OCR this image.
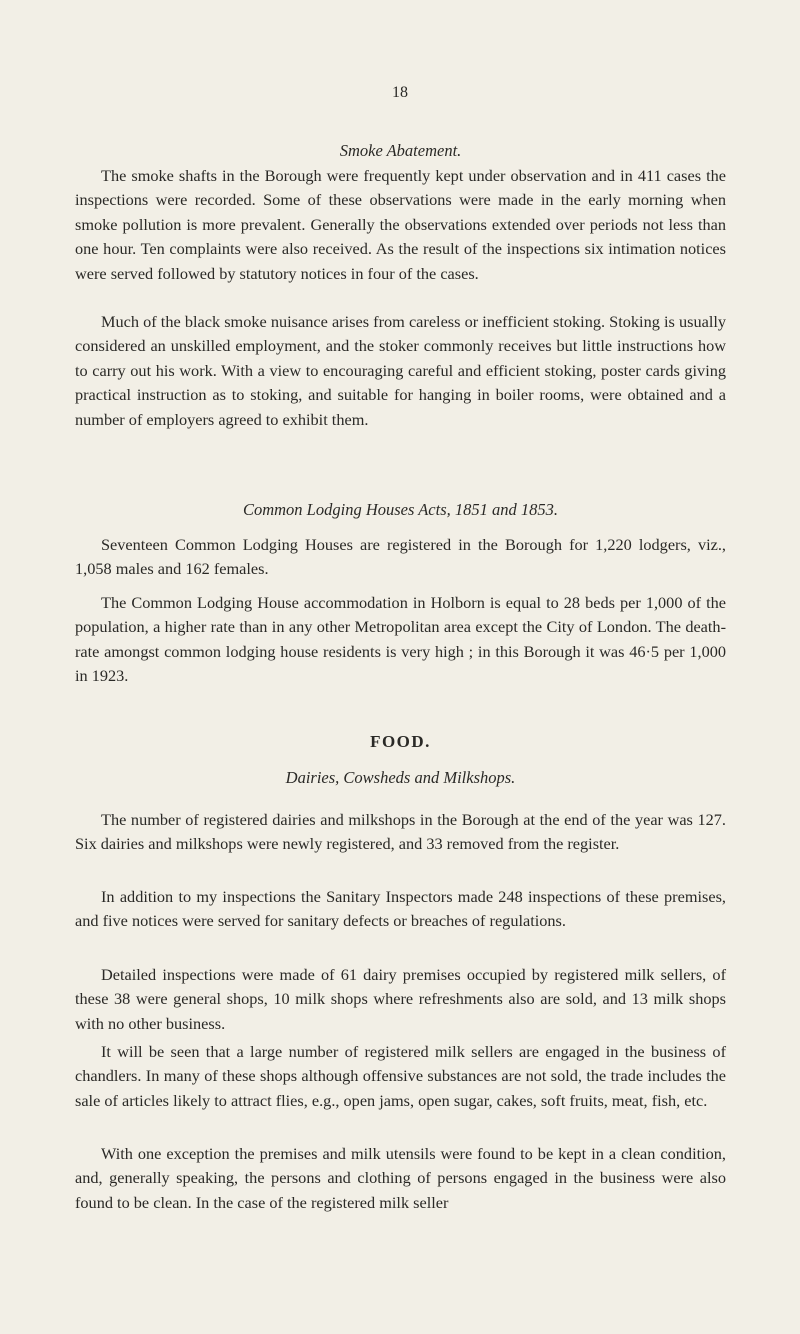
18

Smoke Abatement.

The smoke shafts in the Borough were frequently kept under observation and in 411 cases the inspections were recorded. Some of these observations were made in the early morning when smoke pollution is more prevalent. Generally the observations extended over periods not less than one hour. Ten complaints were also received. As the result of the inspections six intimation notices were served followed by statutory notices in four of the cases.

Much of the black smoke nuisance arises from careless or inefficient stoking. Stoking is usually considered an unskilled employment, and the stoker commonly receives but little instructions how to carry out his work. With a view to encouraging careful and efficient stoking, poster cards giving practical instruction as to stoking, and suitable for hanging in boiler rooms, were obtained and a number of employers agreed to exhibit them.

Common Lodging Houses Acts, 1851 and 1853.

Seventeen Common Lodging Houses are registered in the Borough for 1,220 lodgers, viz., 1,058 males and 162 females.

The Common Lodging House accommodation in Holborn is equal to 28 beds per 1,000 of the population, a higher rate than in any other Metropolitan area except the City of London. The death-rate amongst common lodging house residents is very high ; in this Borough it was 46·5 per 1,000 in 1923.

FOOD.

Dairies, Cowsheds and Milkshops.

The number of registered dairies and milkshops in the Borough at the end of the year was 127. Six dairies and milkshops were newly registered, and 33 removed from the register.

In addition to my inspections the Sanitary Inspectors made 248 inspections of these premises, and five notices were served for sanitary defects or breaches of regulations.

Detailed inspections were made of 61 dairy premises occupied by registered milk sellers, of these 38 were general shops, 10 milk shops where refreshments also are sold, and 13 milk shops with no other business.

It will be seen that a large number of registered milk sellers are engaged in the business of chandlers. In many of these shops although offensive substances are not sold, the trade includes the sale of articles likely to attract flies, e.g., open jams, open sugar, cakes, soft fruits, meat, fish, etc.

With one exception the premises and milk utensils were found to be kept in a clean condition, and, generally speaking, the persons and clothing of persons engaged in the business were also found to be clean. In the case of the registered milk seller
